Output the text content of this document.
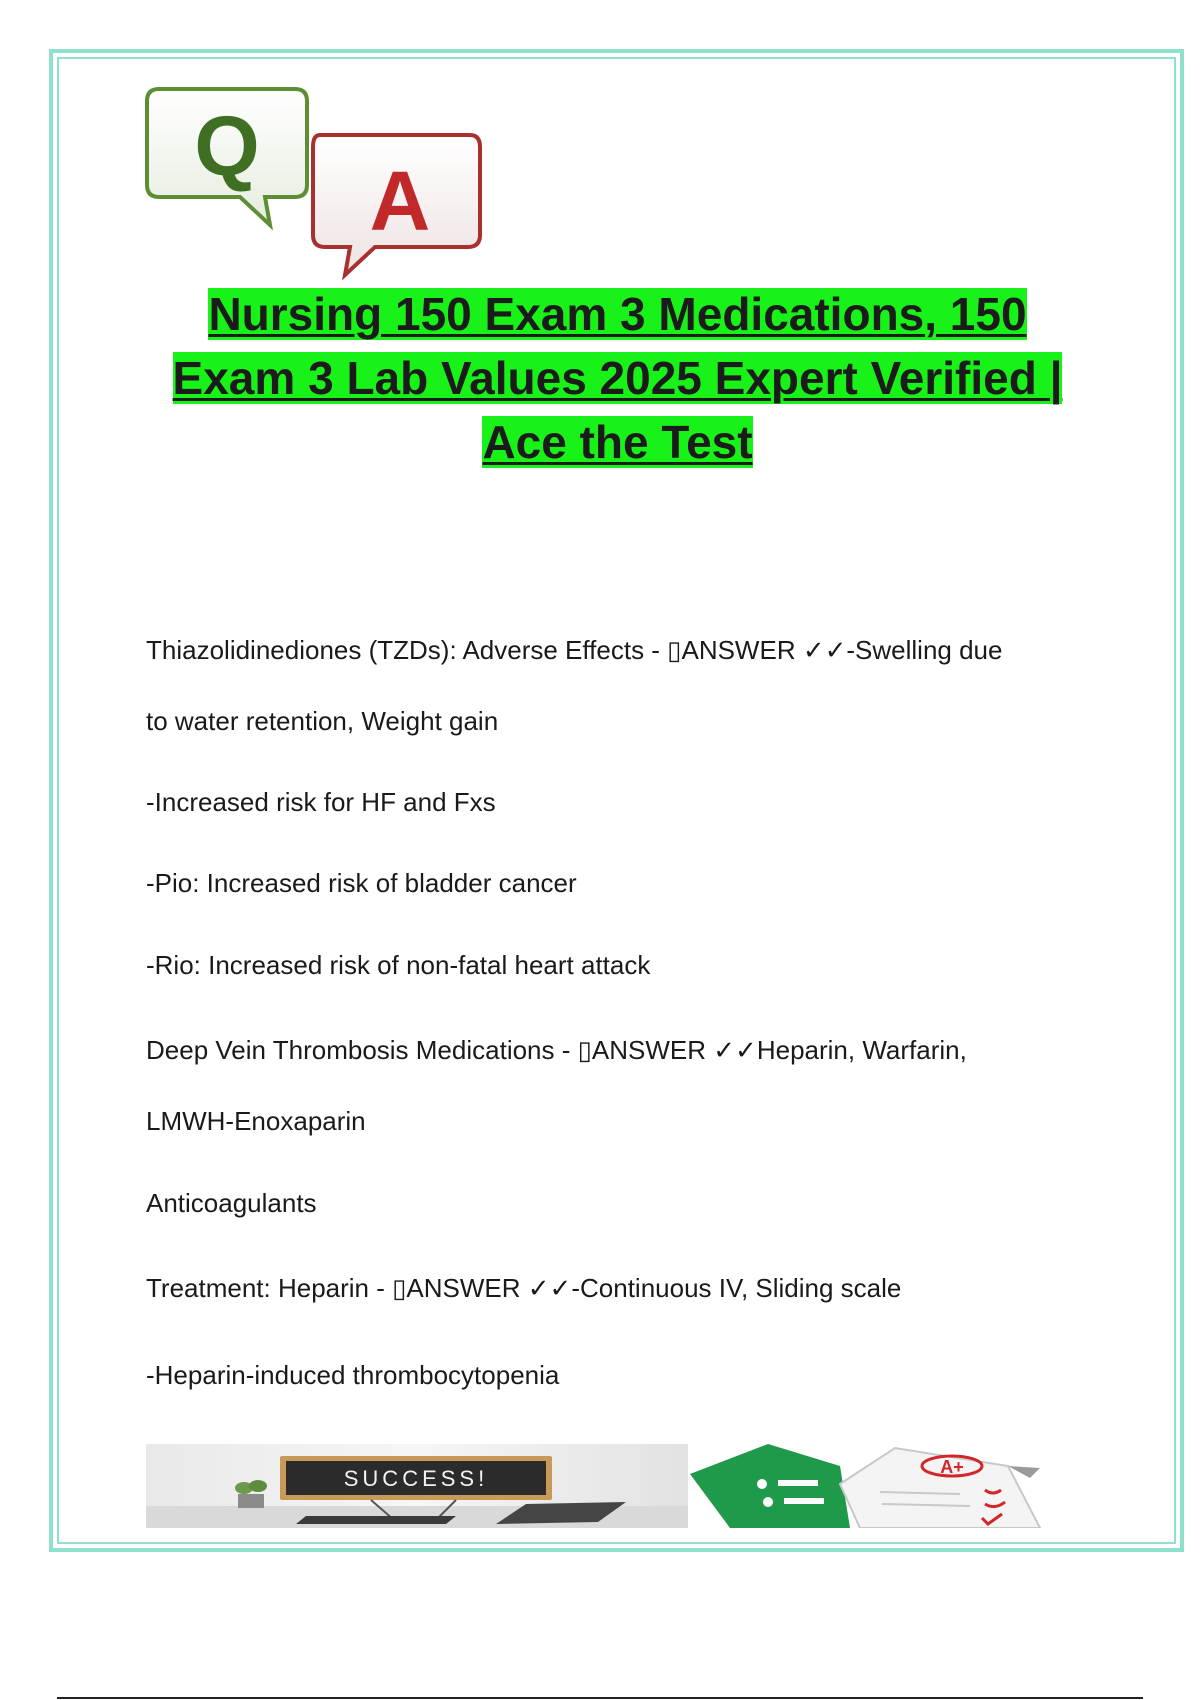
A
Q
Nursing 150 Exam 3 Medications, 150
Exam 3 Lab Values 2025 Expert Verified |
Ace the Test
Thiazolidinediones (TZDs): Adverse Effects - ▯ANSWER ✓✓-Swelling due
to water retention, Weight gain
-Increased risk for HF and Fxs
-Pio: Increased risk of bladder cancer
-Rio: Increased risk of non-fatal heart attack
Deep Vein Thrombosis Medications - ▯ANSWER ✓✓Heparin, Warfarin,
LMWH-Enoxaparin
Anticoagulants
Treatment: Heparin - ▯ANSWER ✓✓-Continuous IV, Sliding scale
-Heparin-induced thrombocytopenia
SUCCESS!	A+
